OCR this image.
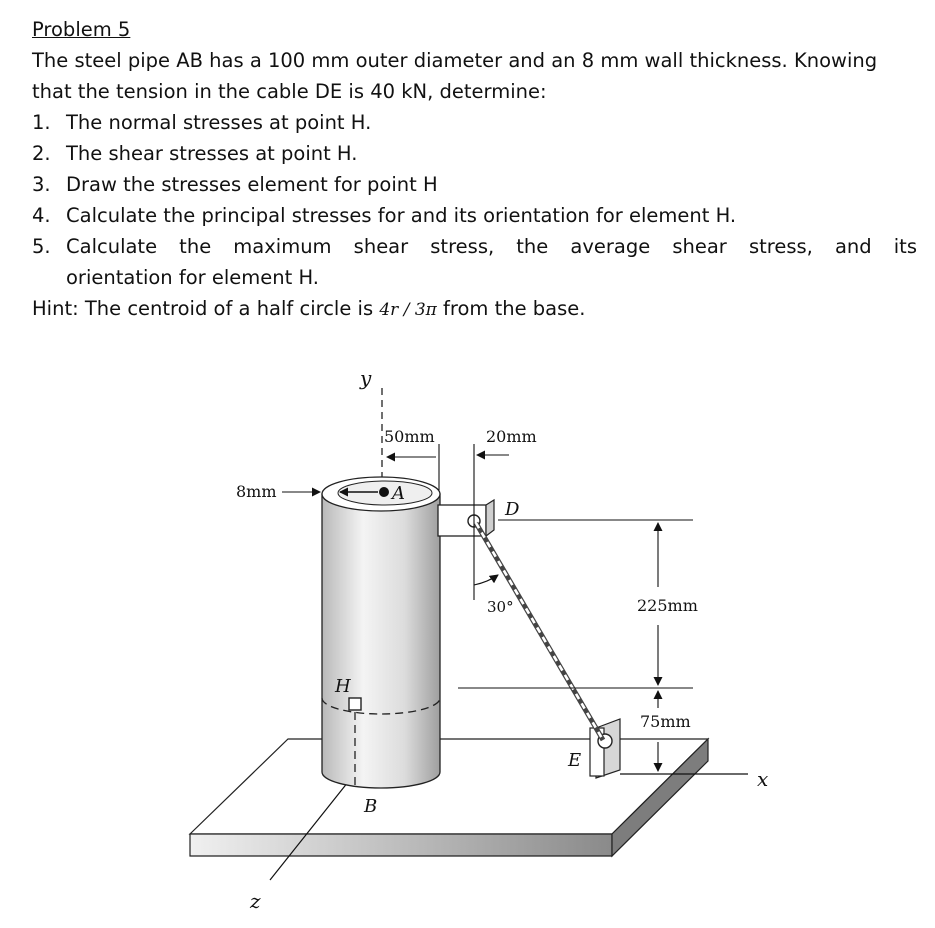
Problem 5
The steel pipe AB has a 100 mm outer diameter and an 8 mm wall thickness. Knowing
that the tension in the cable DE is 40 kN, determine:
1. The normal stresses at point H.
2. The shear stresses at point H.
3. Draw the stresses element for point H
4. Calculate the principal stresses for and its orientation for element H.
5. Calculate the maximum shear stress, the average shear stress, and its
orientation for element H.
Hint: The centroid of a half circle is 4r / 3π from the base.
y
x
z
A
B
D
E
H
8mm
50mm	20mm
30°	225mm
75mm
